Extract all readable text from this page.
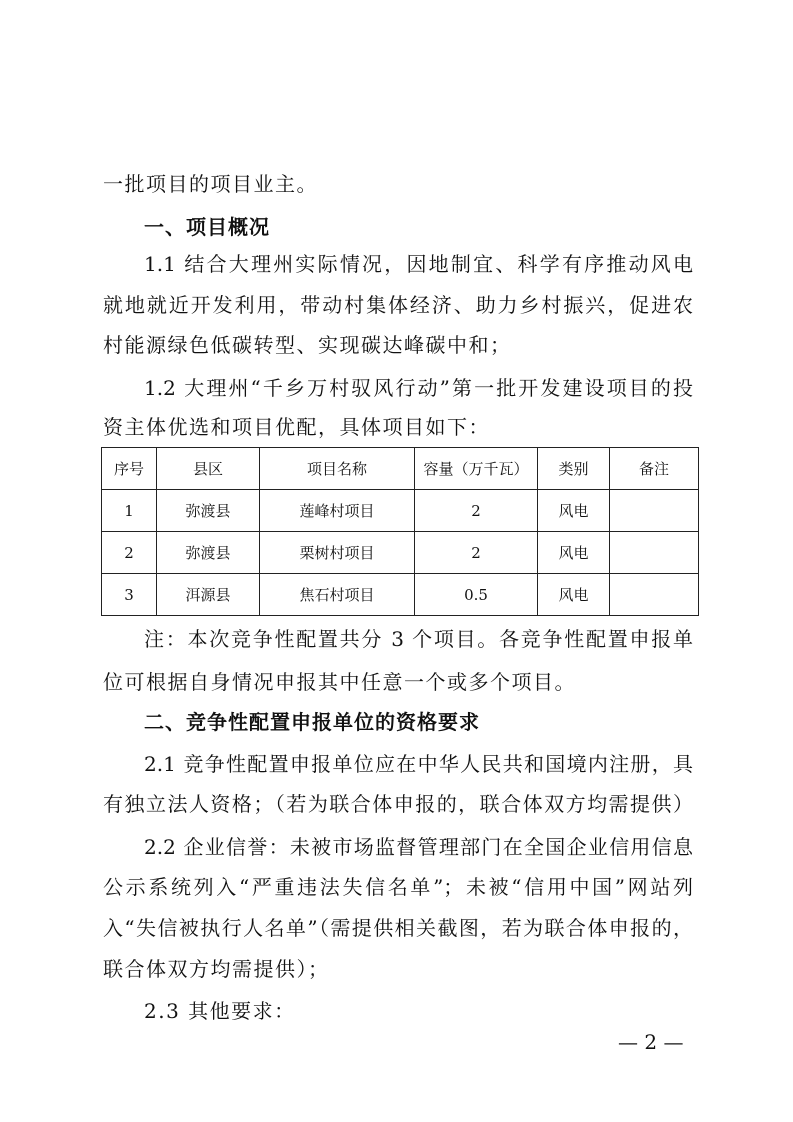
一批项目的项目业主。
一、项目概况
1.1 结合大理州实际情况，因地制宜、科学有序推动风电
就地就近开发利用，带动村集体经济、助力乡村振兴，促进农
村能源绿色低碳转型、实现碳达峰碳中和；
1.2 大理州“千乡万村驭风行动”第一批开发建设项目的投
资主体优选和项目优配，具体项目如下：
序号	县区	项目名称	容量（万千瓦）	类别	备注
1	弥渡县	莲峰村项目	2	风电	
2	弥渡县	栗树村项目	2	风电	
3	洱源县	焦石村项目	0.5	风电	
注：本次竞争性配置共分 3 个项目。各竞争性配置申报单
位可根据自身情况申报其中任意一个或多个项目。
二、竞争性配置申报单位的资格要求
2.1 竞争性配置申报单位应在中华人民共和国境内注册，具
有独立法人资格；（若为联合体申报的，联合体双方均需提供）
2.2 企业信誉：未被市场监督管理部门在全国企业信用信息
公示系统列入“严重违法失信名单”；未被“信用中国”网站列
入“失信被执行人名单”（需提供相关截图，若为联合体申报的，
联合体双方均需提供）；
2.3 其他要求：
— 2 —
